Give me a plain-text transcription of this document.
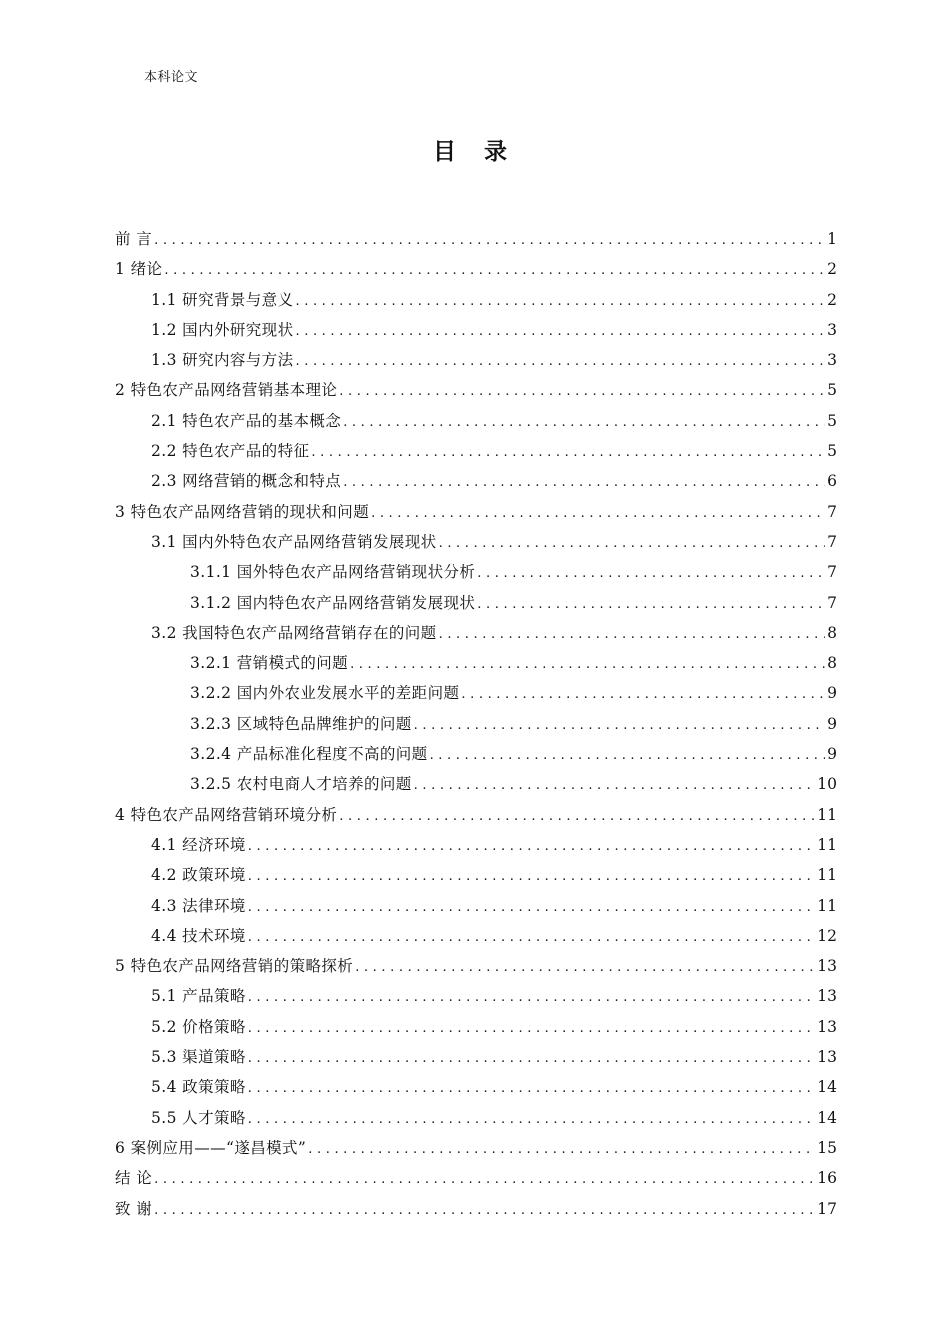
本科论文
目 录
前 言 .....	1
1 绪论 .....	2
1.1 研究背景与意义 .....	2
1.2 国内外研究现状 .....	3
1.3 研究内容与方法 .....	3
2 特色农产品网络营销基本理论 .....	5
2.1 特色农产品的基本概念 .....	5
2.2 特色农产品的特征 .....	5
2.3 网络营销的概念和特点 .....	6
3 特色农产品网络营销的现状和问题 .....	7
3.1 国内外特色农产品网络营销发展现状 .....	7
3.1.1 国外特色农产品网络营销现状分析 .....	7
3.1.2 国内特色农产品网络营销发展现状 .....	7
3.2 我国特色农产品网络营销存在的问题 .....	8
3.2.1 营销模式的问题 .....	8
3.2.2 国内外农业发展水平的差距问题 .....	9
3.2.3 区域特色品牌维护的问题 .....	9
3.2.4 产品标准化程度不高的问题 .....	9
3.2.5 农村电商人才培养的问题 .....	10
4 特色农产品网络营销环境分析 .....	11
4.1 经济环境 .....	11
4.2 政策环境 .....	11
4.3 法律环境 .....	11
4.4 技术环境 .....	12
5 特色农产品网络营销的策略探析 .....	13
5.1 产品策略 .....	13
5.2 价格策略 .....	13
5.3 渠道策略 .....	13
5.4 政策策略 .....	14
5.5 人才策略 .....	14
6 案例应用——“遂昌模式” .....	15
结 论 .....	16
致 谢 .....	17
